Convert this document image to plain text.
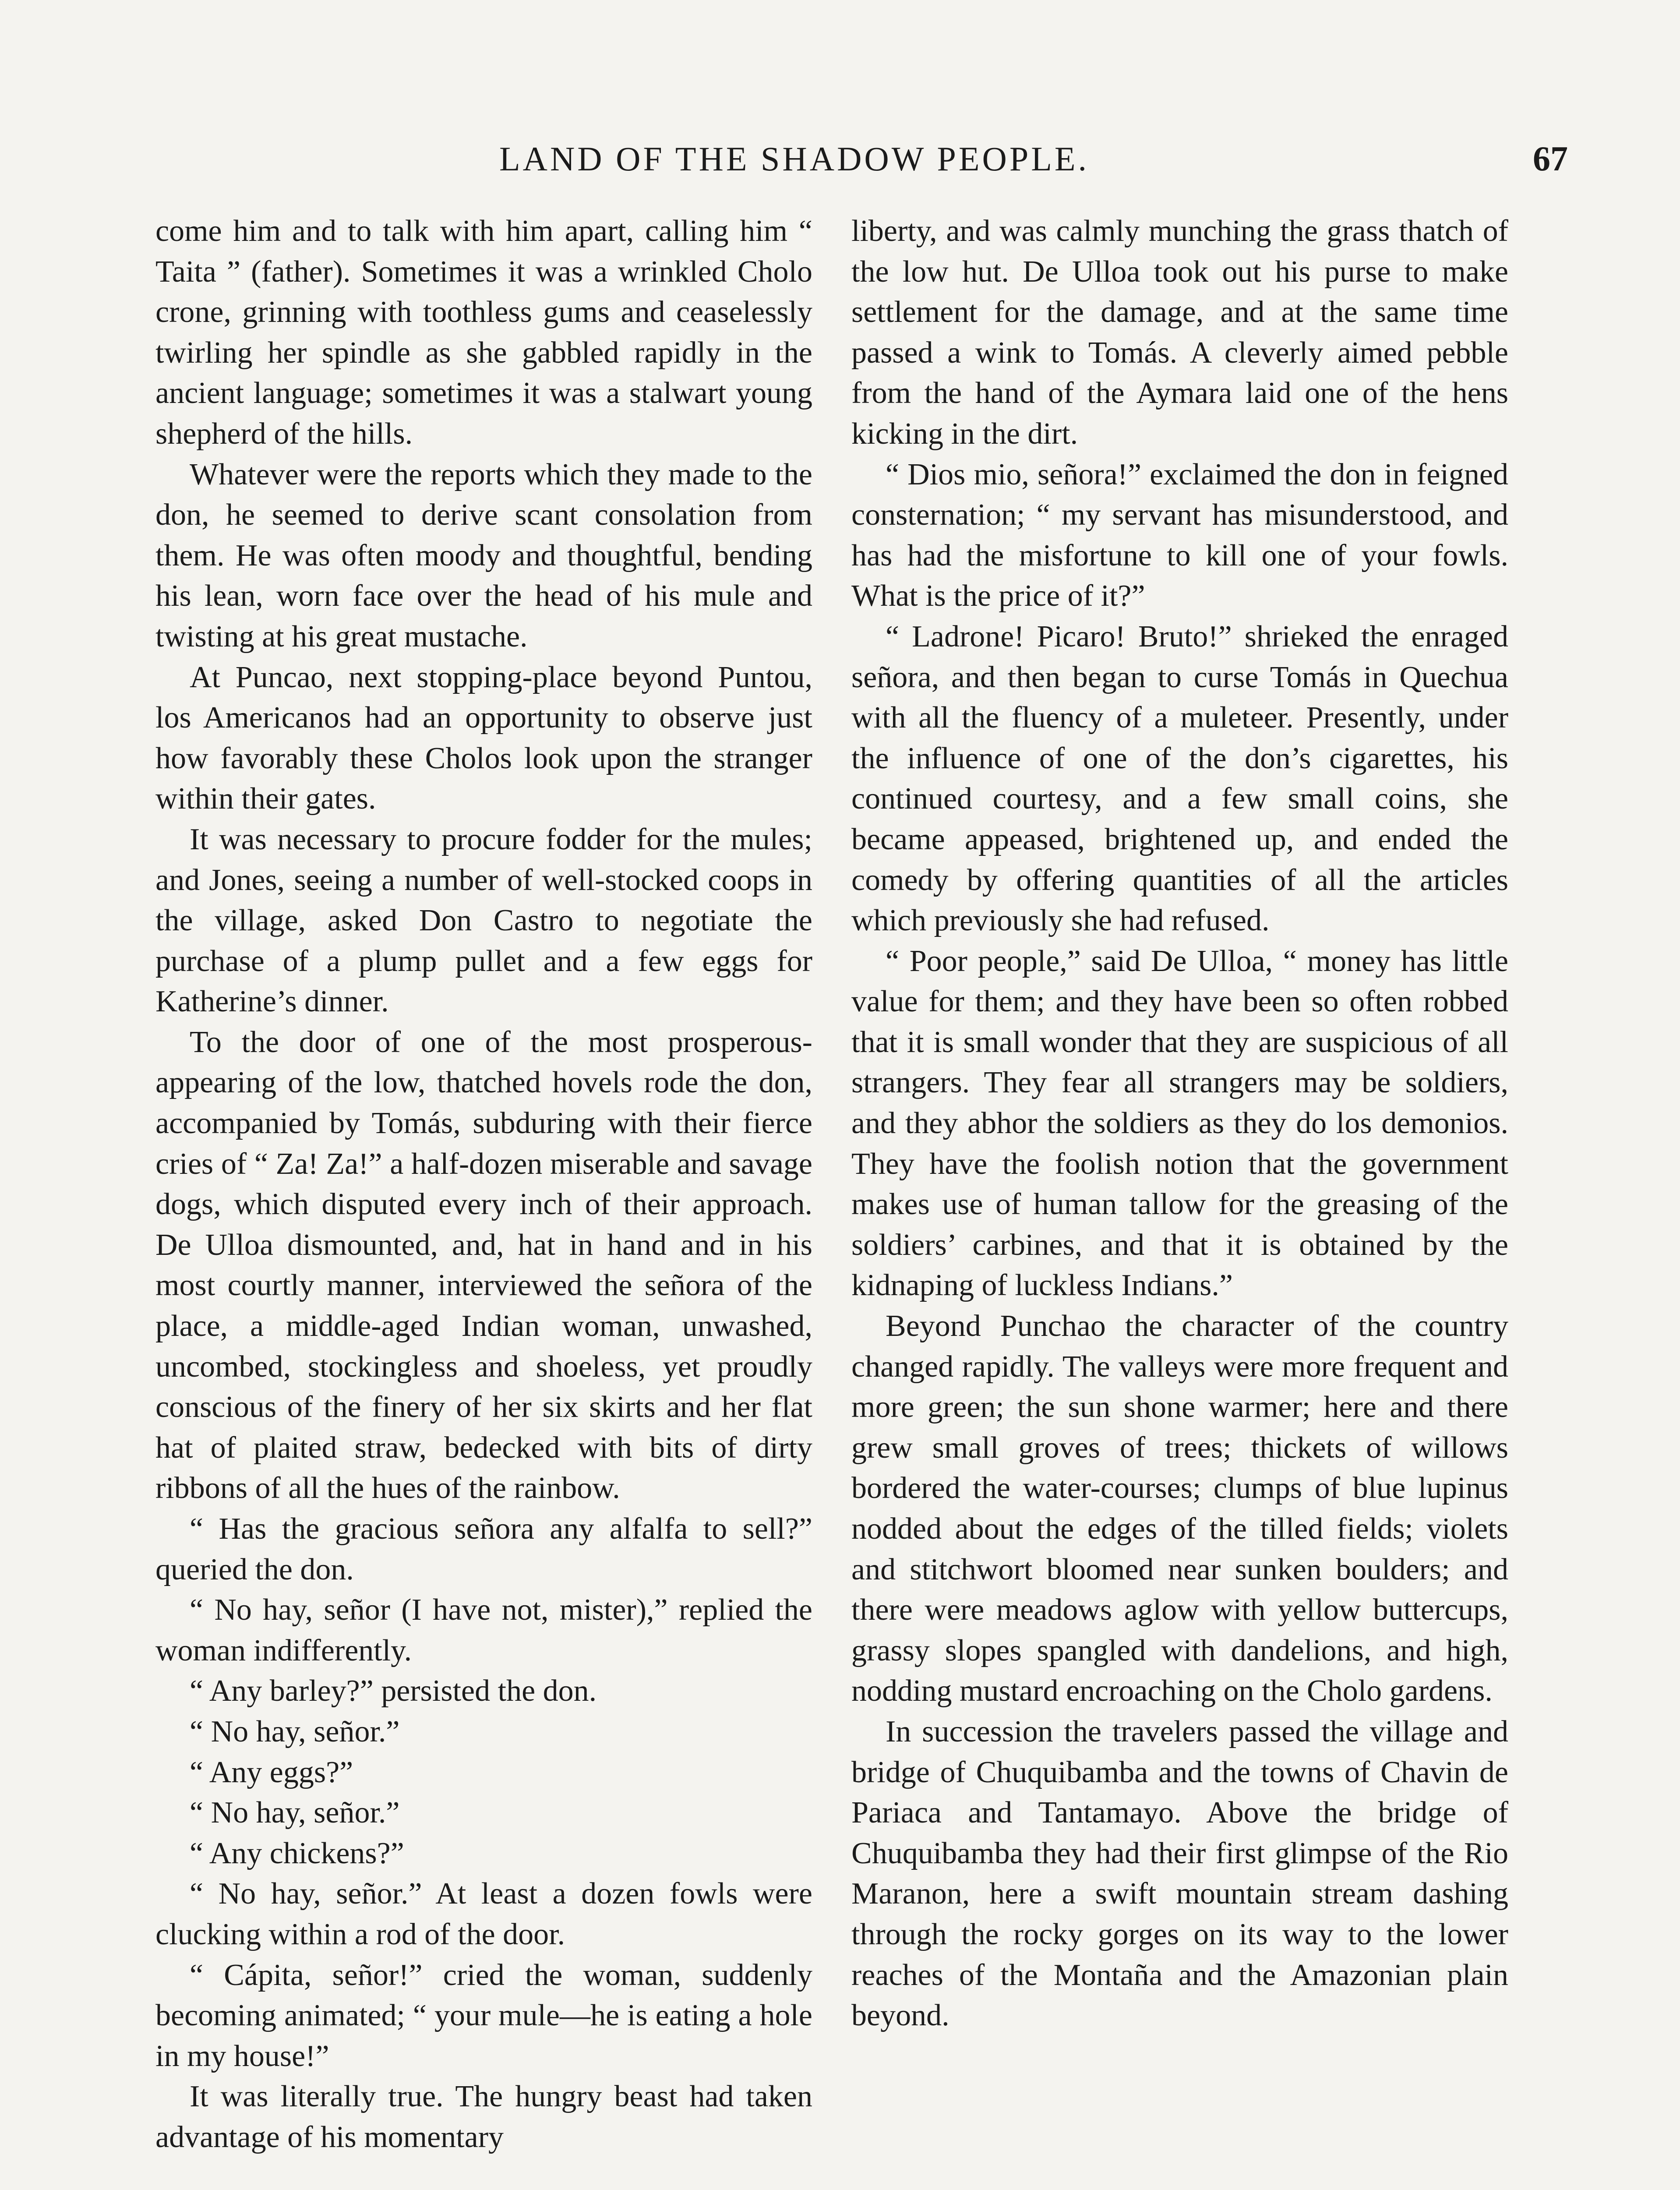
LAND OF THE SHADOW PEOPLE.	67

come him and to talk with him apart, calling him “ Taita ” (father). Sometimes it was a wrinkled Cholo crone, grinning with toothless gums and ceaselessly twirling her spindle as she gabbled rapidly in the ancient language; sometimes it was a stalwart young shepherd of the hills.

Whatever were the reports which they made to the don, he seemed to derive scant consolation from them. He was often moody and thoughtful, bending his lean, worn face over the head of his mule and twisting at his great mustache.

At Puncao, next stopping-place beyond Puntou, los Americanos had an opportunity to observe just how favorably these Cholos look upon the stranger within their gates.

It was necessary to procure fodder for the mules; and Jones, seeing a number of well-stocked coops in the village, asked Don Castro to negotiate the purchase of a plump pullet and a few eggs for Katherine’s dinner.

To the door of one of the most prosperous-appearing of the low, thatched hovels rode the don, accompanied by Tomás, subduring with their fierce cries of “ Za! Za!” a half-dozen miserable and savage dogs, which disputed every inch of their approach. De Ulloa dismounted, and, hat in hand and in his most courtly manner, interviewed the señora of the place, a middle-aged Indian woman, unwashed, uncombed, stockingless and shoeless, yet proudly conscious of the finery of her six skirts and her flat hat of plaited straw, bedecked with bits of dirty ribbons of all the hues of the rainbow.

“ Has the gracious señora any alfalfa to sell?” queried the don.

“ No hay, señor (I have not, mister),” replied the woman indifferently.

“ Any barley?” persisted the don.

“ No hay, señor.”

“ Any eggs?”

“ No hay, señor.”

“ Any chickens?”

“ No hay, señor.” At least a dozen fowls were clucking within a rod of the door.

“ Cápita, señor!” cried the woman, suddenly becoming animated; “ your mule—he is eating a hole in my house!”

It was literally true. The hungry beast had taken advantage of his momentary

liberty, and was calmly munching the grass thatch of the low hut. De Ulloa took out his purse to make settlement for the damage, and at the same time passed a wink to Tomás. A cleverly aimed pebble from the hand of the Aymara laid one of the hens kicking in the dirt.

“ Dios mio, señora!” exclaimed the don in feigned consternation; “ my servant has misunderstood, and has had the misfortune to kill one of your fowls. What is the price of it?”

“ Ladrone! Picaro! Bruto!” shrieked the enraged señora, and then began to curse Tomás in Quechua with all the fluency of a muleteer. Presently, under the influence of one of the don’s cigarettes, his continued courtesy, and a few small coins, she became appeased, brightened up, and ended the comedy by offering quantities of all the articles which previously she had refused.

“ Poor people,” said De Ulloa, “ money has little value for them; and they have been so often robbed that it is small wonder that they are suspicious of all strangers. They fear all strangers may be soldiers, and they abhor the soldiers as they do los demonios. They have the foolish notion that the government makes use of human tallow for the greasing of the soldiers’ carbines, and that it is obtained by the kidnaping of luckless Indians.”

Beyond Punchao the character of the country changed rapidly. The valleys were more frequent and more green; the sun shone warmer; here and there grew small groves of trees; thickets of willows bordered the water-courses; clumps of blue lupinus nodded about the edges of the tilled fields; violets and stitchwort bloomed near sunken boulders; and there were meadows aglow with yellow buttercups, grassy slopes spangled with dandelions, and high, nodding mustard encroaching on the Cholo gardens.

In succession the travelers passed the village and bridge of Chuquibamba and the towns of Chavin de Pariaca and Tantamayo. Above the bridge of Chuquibamba they had their first glimpse of the Rio Maranon, here a swift mountain stream dashing through the rocky gorges on its way to the lower reaches of the Montaña and the Amazonian plain beyond.
